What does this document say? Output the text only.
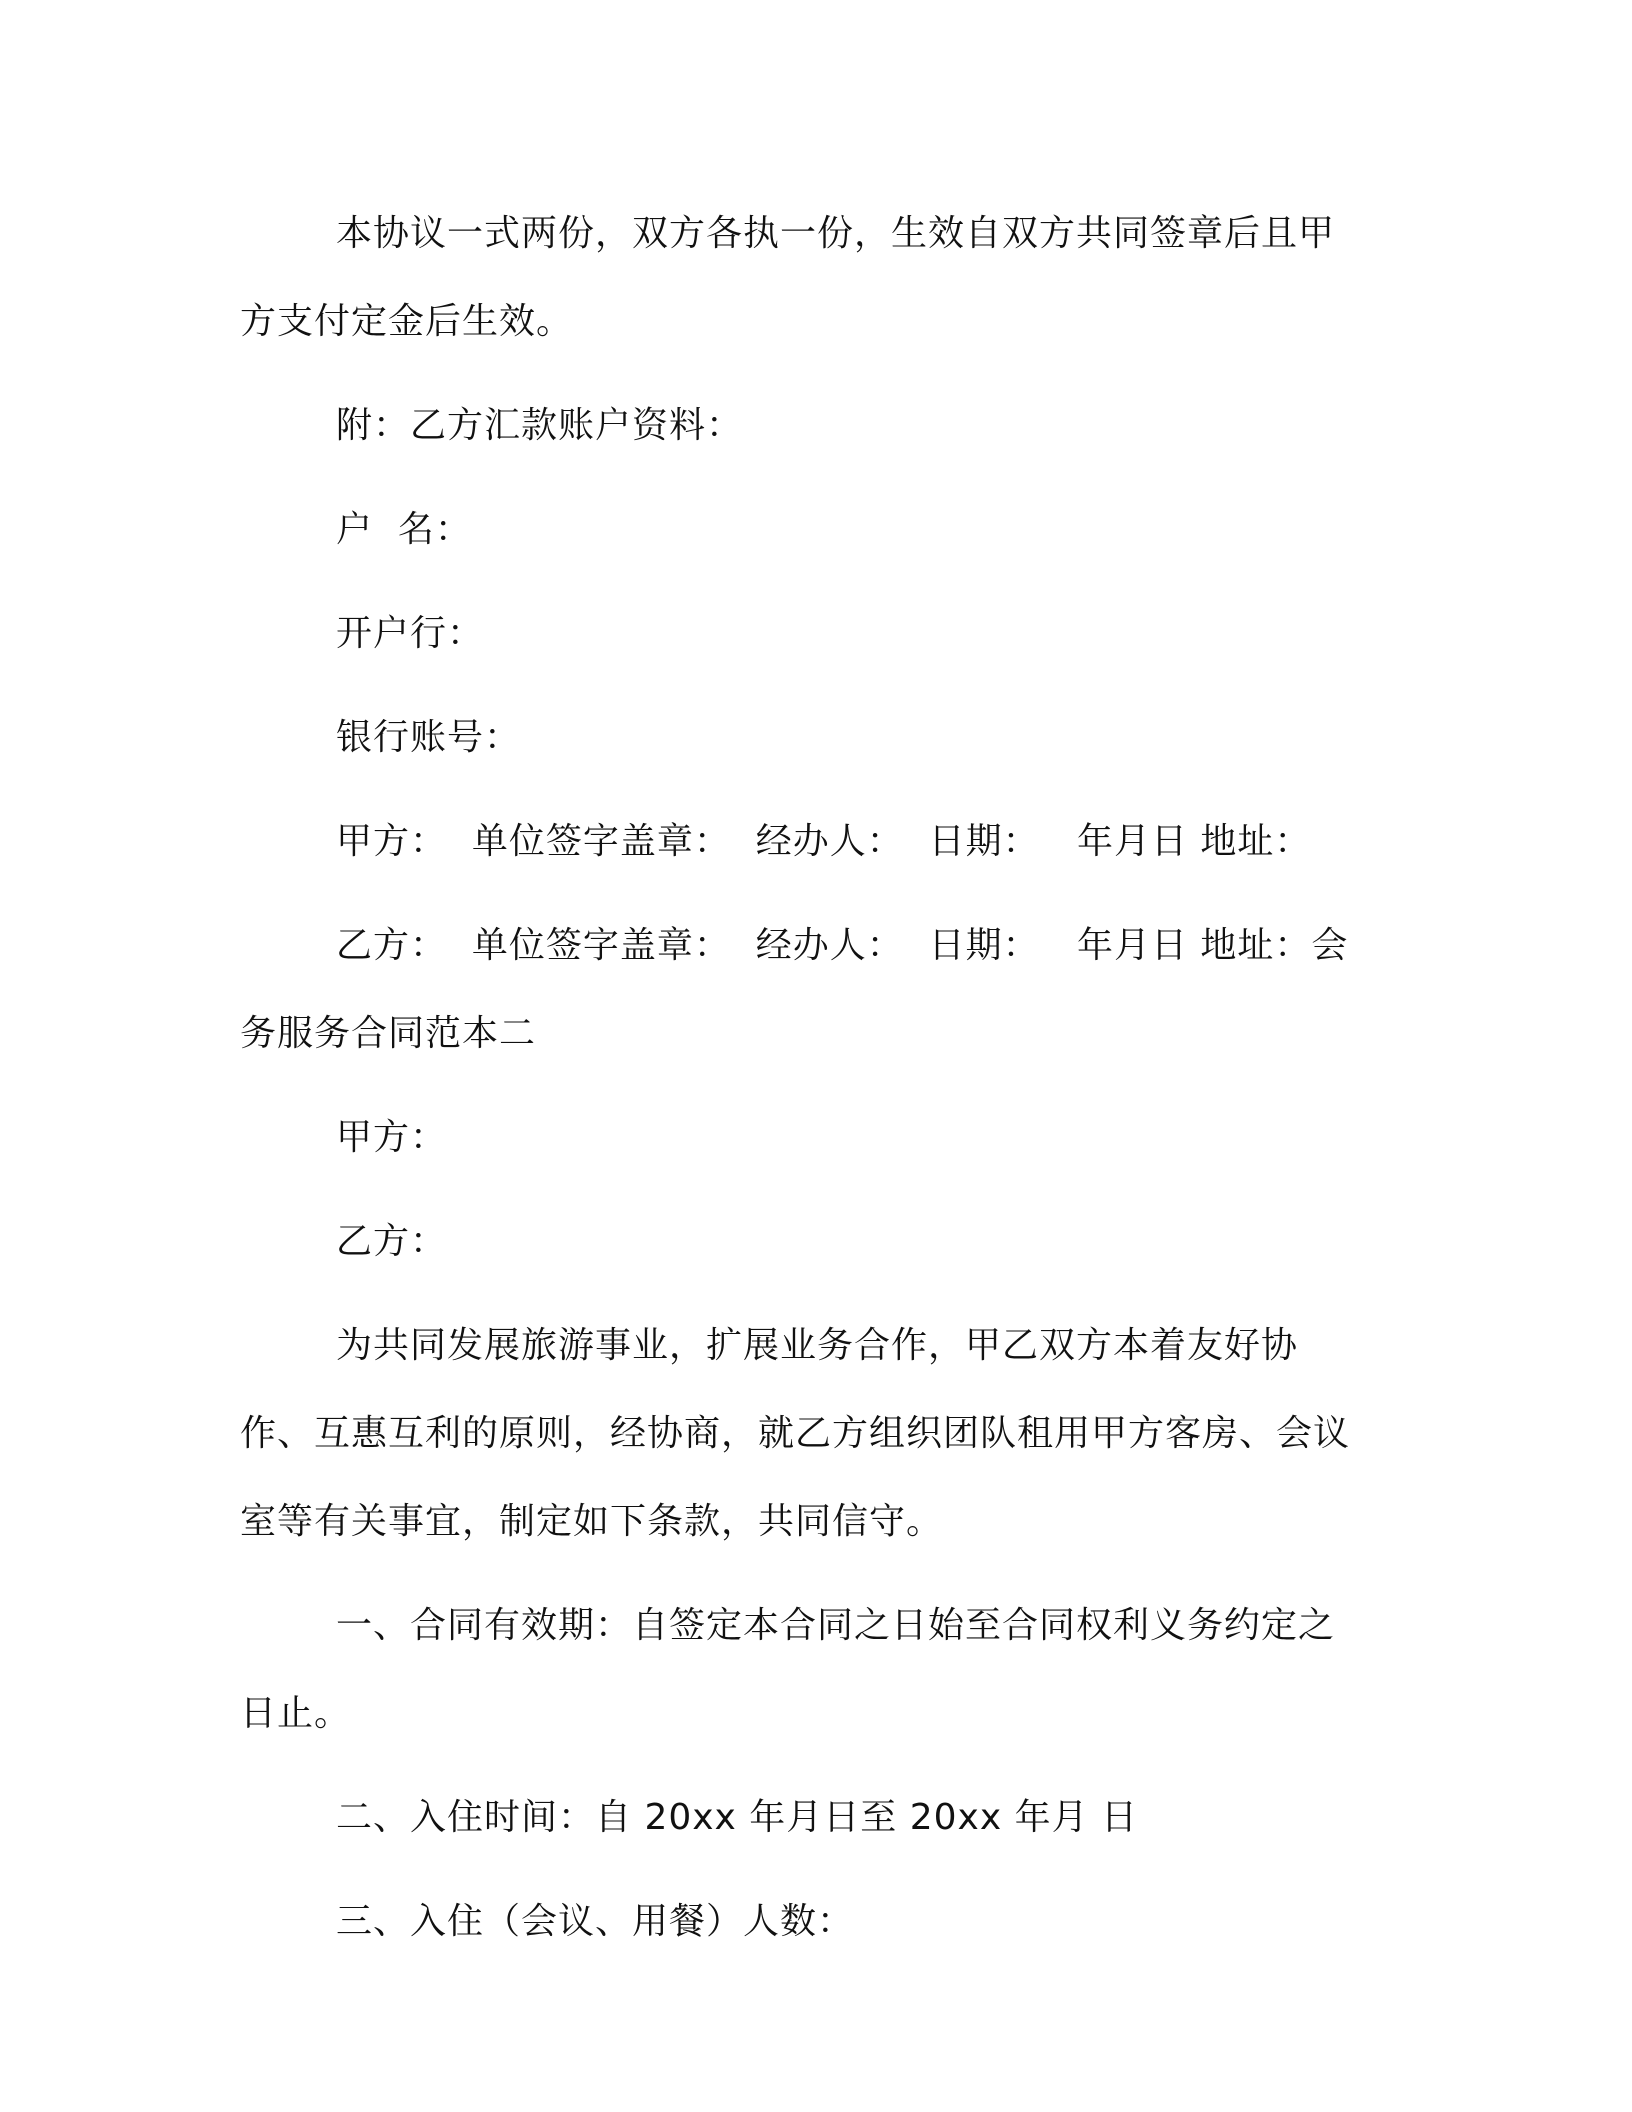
本协议一式两份，双方各执一份，生效自双方共同签章后且甲方支付定金后生效。

附：乙方汇款账户资料：

户  名：

开户行：

银行账号：

甲方：  单位签字盖章：  经办人：  日期：   年月日 地址：

乙方：  单位签字盖章：  经办人：  日期：   年月日 地址：会务服务合同范本二

甲方：

乙方：

为共同发展旅游事业，扩展业务合作，甲乙双方本着友好协作、互惠互利的原则，经协商，就乙方组织团队租用甲方客房、会议室等有关事宜，制定如下条款，共同信守。

一、合同有效期：自签定本合同之日始至合同权利义务约定之日止。

二、入住时间：自 20xx 年月日至 20xx 年月 日

三、入住（会议、用餐）人数：
